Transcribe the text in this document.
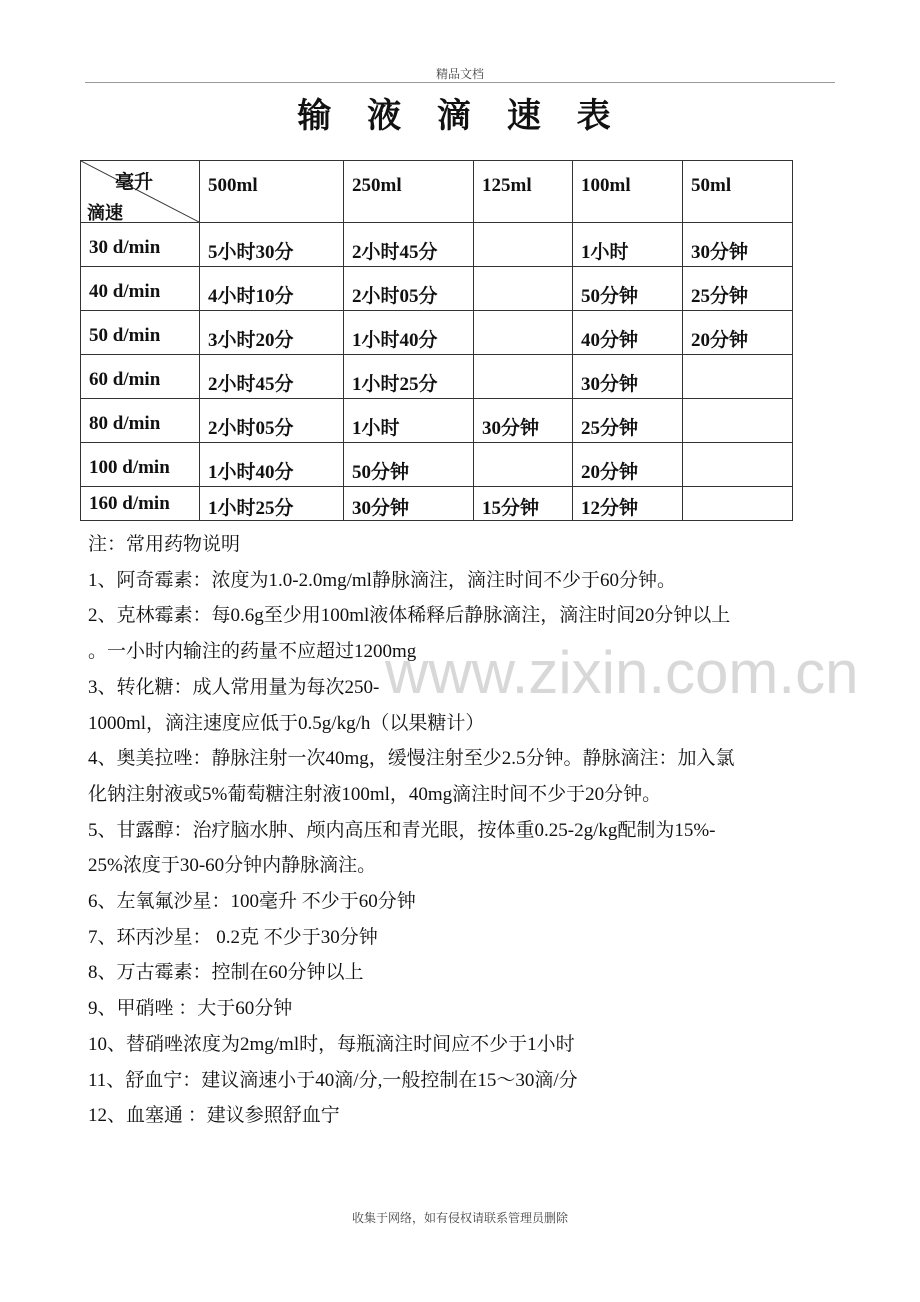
精品文档
输 液 滴 速 表
毫升
滴速	500ml	250ml	125ml	100ml	50ml
30 d/min	5小时30分	2小时45分		1小时	30分钟
40 d/min	4小时10分	2小时05分		50分钟	25分钟
50 d/min	3小时20分	1小时40分		40分钟	20分钟
60 d/min	2小时45分	1小时25分		30分钟	
80 d/min	2小时05分	1小时	30分钟	25分钟	
100 d/min	1小时40分	50分钟		20分钟	
160 d/min	1小时25分	30分钟	15分钟	12分钟	
注：常用药物说明
1、阿奇霉素：浓度为1.0-2.0mg/ml静脉滴注，滴注时间不少于60分钟。
2、克林霉素：每0.6g至少用100ml液体稀释后静脉滴注，滴注时间20分钟以上
。一小时内输注的药量不应超过1200mg
3、转化糖：成人常用量为每次250-
1000ml，滴注速度应低于0.5g/kg/h（以果糖计）
4、奥美拉唑：静脉注射一次40mg，缓慢注射至少2.5分钟。静脉滴注：加入氯
化钠注射液或5%葡萄糖注射液100ml，40mg滴注时间不少于20分钟。
5、甘露醇：治疗脑水肿、颅内高压和青光眼，按体重0.25-2g/kg配制为15%-
25%浓度于30-60分钟内静脉滴注。
6、左氧氟沙星：100毫升 不少于60分钟
7、环丙沙星： 0.2克 不少于30分钟
8、万古霉素：控制在60分钟以上
9、甲硝唑 ：大于60分钟
10、替硝唑浓度为2mg/ml时，每瓶滴注时间应不少于1小时
11、舒血宁：建议滴速小于40滴/分,一般控制在15～30滴/分
12、血塞通 ：建议参照舒血宁
www.zixin.com.cn
收集于网络，如有侵权请联系管理员删除
